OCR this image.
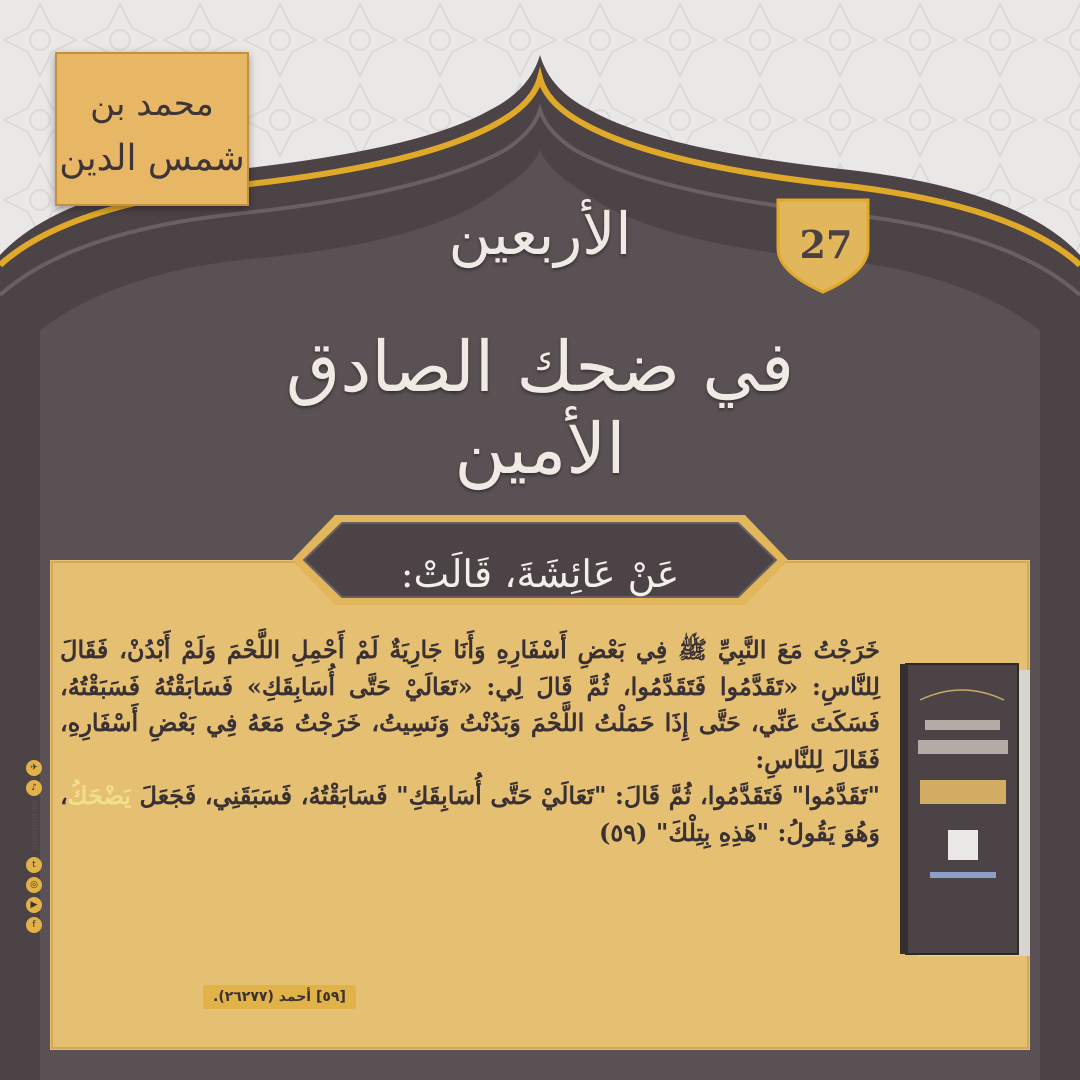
محمد بن
شمس الدين
27
الأربعين
في ضحك الصادق الأمين
عَنْ عَائِشَةَ، قَالَتْ:

خَرَجْتُ مَعَ النَّبِيِّ ﷺ فِي بَعْضِ أَسْفَارِهِ وَأَنَا جَارِيَةٌ لَمْ أَحْمِلِ اللَّحْمَ وَلَمْ أَبْدُنْ، فَقَالَ لِلنَّاسِ: «تَقَدَّمُوا فَتَقَدَّمُوا، ثُمَّ قَالَ لِي: «تَعَالَيْ حَتَّى أُسَابِقَكِ» فَسَابَقْتُهُ فَسَبَقْتُهُ، فَسَكَتَ عَنِّي، حَتَّى إِذَا حَمَلْتُ اللَّحْمَ وَبَدُنْتُ وَنَسِيتُ، خَرَجْتُ مَعَهُ فِي بَعْضِ أَسْفَارِهِ، فَقَالَ لِلنَّاسِ:

"تَقَدَّمُوا" فَتَقَدَّمُوا، ثُمَّ قَالَ: "تَعَالَيْ حَتَّى أُسَابِقَكِ" فَسَابَقْتُهُ، فَسَبَقَنِي، فَجَعَلَ يَضْحَكُ، وَهُوَ يَقُولُ: "هَذِهِ بِتِلْكَ" (٥٩)

[٥٩] أحمد (٢٦٢٧٧).
✈
♪
@mshmsdin
t
◎
▶
f
